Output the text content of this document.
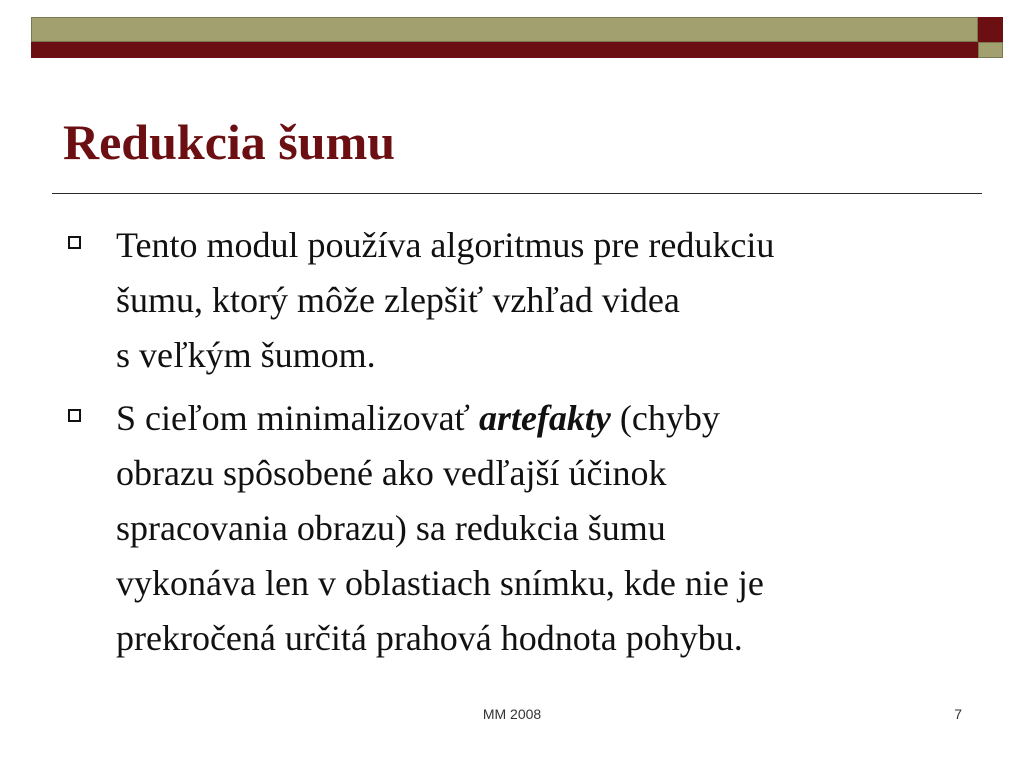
Redukcia šumu
Tento modul používa algoritmus pre redukciu
šumu, ktorý môže zlepšiť vzhľad videa
s veľkým šumom.
S cieľom minimalizovať artefakty (chyby
obrazu spôsobené ako vedľajší účinok
spracovania obrazu) sa redukcia šumu
vykonáva len v oblastiach snímku, kde nie je
prekročená určitá prahová hodnota pohybu.
MM 2008	7
